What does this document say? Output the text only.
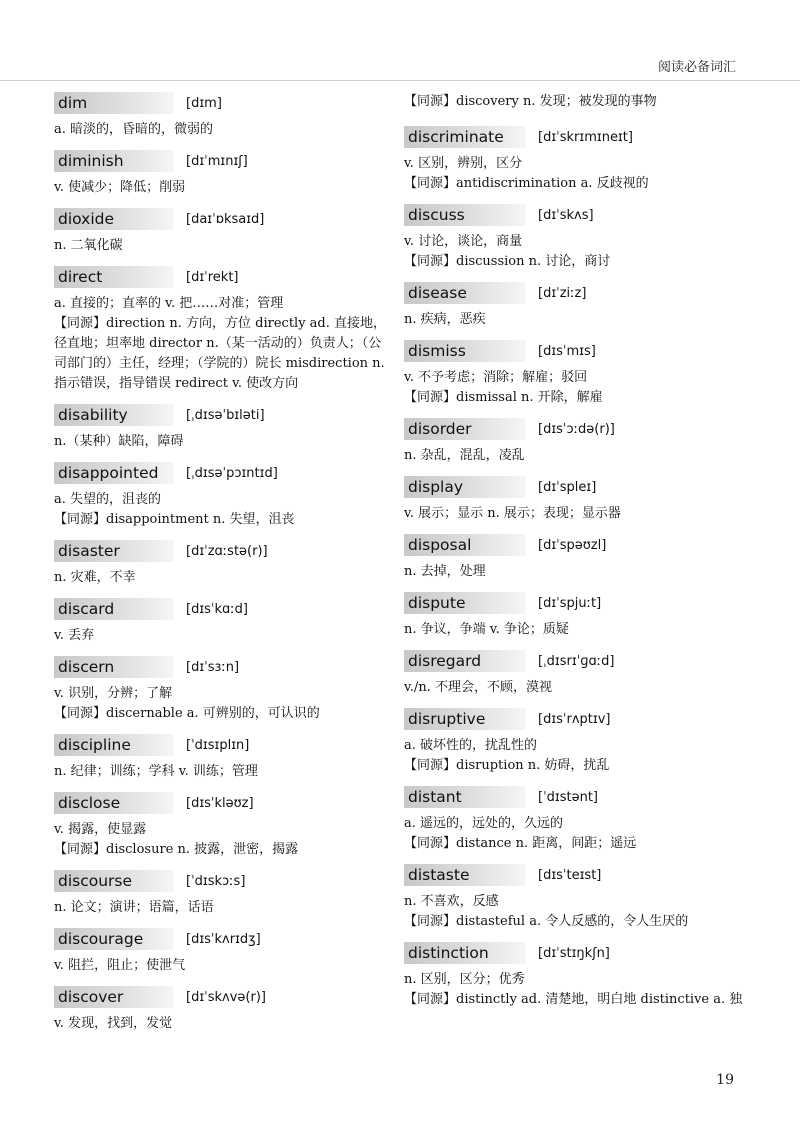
阅读必备词汇
dim	[dɪm]
a. 暗淡的，昏暗的，微弱的
diminish	[dɪˈmɪnɪʃ]
v. 使减少；降低；削弱
dioxide	[daɪˈɒksaɪd]
n. 二氧化碳
direct	[dɪˈrekt]
a. 直接的；直率的 v. 把……对准；管理
【同源】direction n. 方向，方位 directly ad. 直接地，径直地；坦率地 director n.（某一活动的）负责人；（公司部门的）主任，经理；（学院的）院长 misdirection n. 指示错误，指导错误 redirect v. 使改方向
disability	[ˌdɪsəˈbɪləti]
n.（某种）缺陷，障碍
disappointed	[ˌdɪsəˈpɔɪntɪd]
a. 失望的，沮丧的
【同源】disappointment n. 失望，沮丧
disaster	[dɪˈzɑːstə(r)]
n. 灾难，不幸
discard	[dɪsˈkɑːd]
v. 丢弃
discern	[dɪˈsɜːn]
v. 识别，分辨；了解
【同源】discernable a. 可辨别的，可认识的
discipline	[ˈdɪsɪplɪn]
n. 纪律；训练；学科 v. 训练；管理
disclose	[dɪsˈkləʊz]
v. 揭露，使显露
【同源】disclosure n. 披露，泄密，揭露
discourse	[ˈdɪskɔːs]
n. 论文；演讲；语篇，话语
discourage	[dɪsˈkʌrɪdʒ]
v. 阻拦，阻止；使泄气
discover	[dɪˈskʌvə(r)]
v. 发现，找到，发觉
【同源】discovery n. 发现；被发现的事物
discriminate	[dɪˈskrɪmɪneɪt]
v. 区别，辨别，区分
【同源】antidiscrimination a. 反歧视的
discuss	[dɪˈskʌs]
v. 讨论，谈论，商量
【同源】discussion n. 讨论，商讨
disease	[dɪˈziːz]
n. 疾病，恶疾
dismiss	[dɪsˈmɪs]
v. 不予考虑；消除；解雇；驳回
【同源】dismissal n. 开除，解雇
disorder	[dɪsˈɔːdə(r)]
n. 杂乱，混乱，凌乱
display	[dɪˈspleɪ]
v. 展示；显示 n. 展示；表现；显示器
disposal	[dɪˈspəʊzl]
n. 去掉，处理
dispute	[dɪˈspjuːt]
n. 争议，争端 v. 争论；质疑
disregard	[ˌdɪsrɪˈɡɑːd]
v./n. 不理会，不顾，漠视
disruptive	[dɪsˈrʌptɪv]
a. 破坏性的，扰乱性的
【同源】disruption n. 妨碍，扰乱
distant	[ˈdɪstənt]
a. 遥远的，远处的，久远的
【同源】distance n. 距离，间距；遥远
distaste	[dɪsˈteɪst]
n. 不喜欢，反感
【同源】distasteful a. 令人反感的，令人生厌的
distinction	[dɪˈstɪŋkʃn]
n. 区别，区分；优秀
【同源】distinctly ad. 清楚地，明白地 distinctive a. 独
19
